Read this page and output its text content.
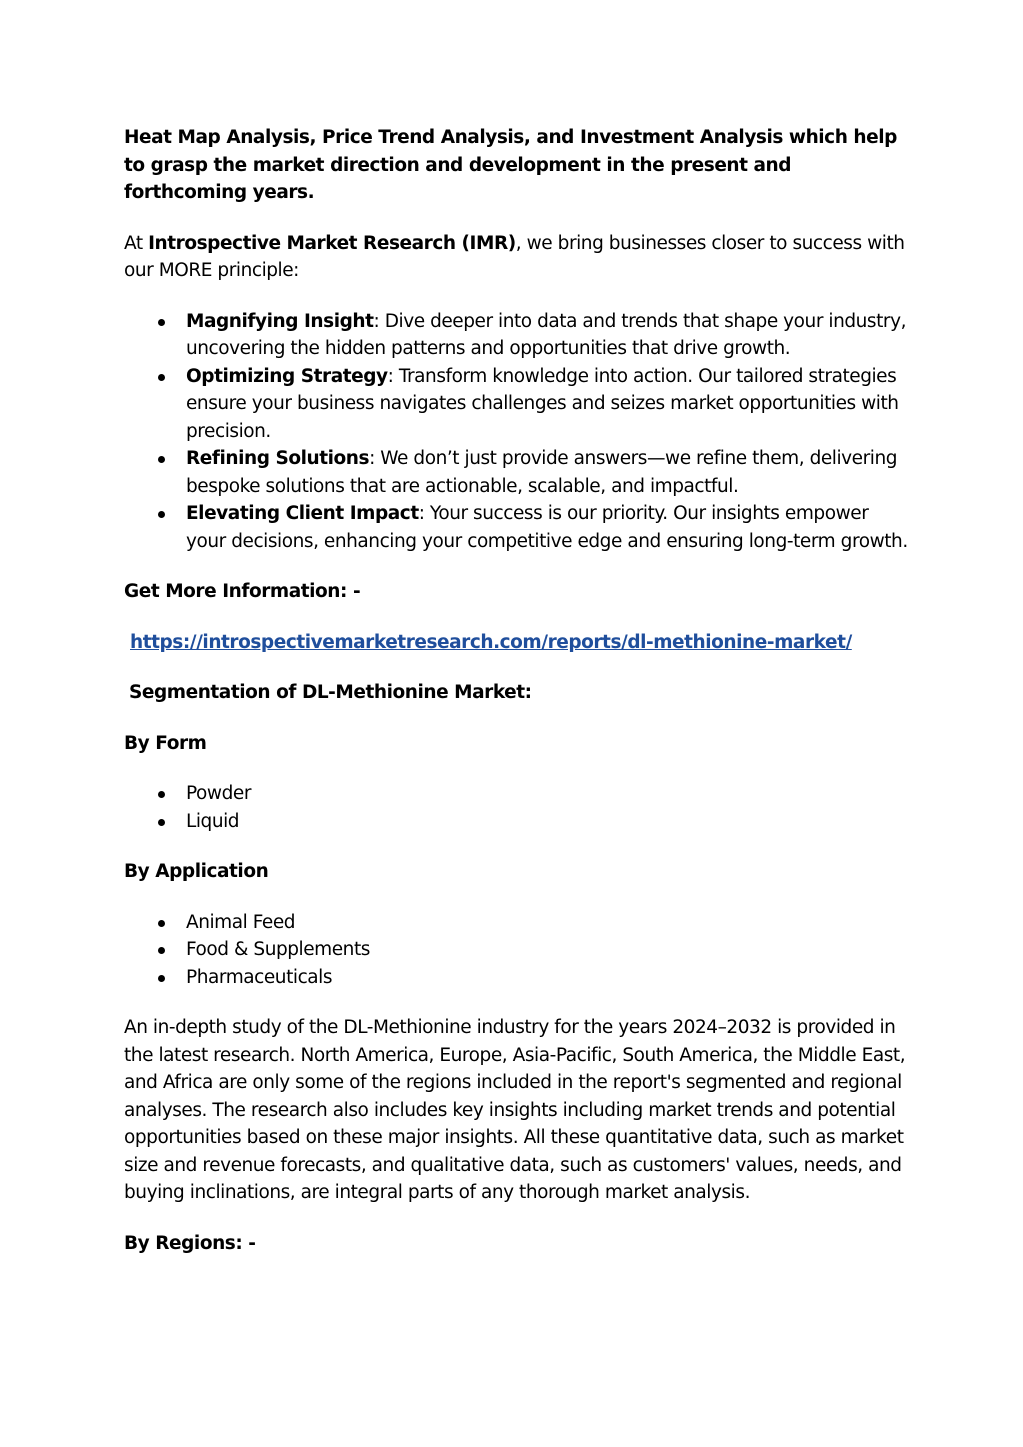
Heat Map Analysis, Price Trend Analysis, and Investment Analysis which help to grasp the market direction and development in the present and forthcoming years.

At Introspective Market Research (IMR), we bring businesses closer to success with our MORE principle:

Magnifying Insight: Dive deeper into data and trends that shape your industry, uncovering the hidden patterns and opportunities that drive growth.
Optimizing Strategy: Transform knowledge into action. Our tailored strategies ensure your business navigates challenges and seizes market opportunities with precision.
Refining Solutions: We don’t just provide answers—we refine them, delivering bespoke solutions that are actionable, scalable, and impactful.
Elevating Client Impact: Your success is our priority. Our insights empower your decisions, enhancing your competitive edge and ensuring long-term growth.

Get More Information: -

https://introspectivemarketresearch.com/reports/dl-methionine-market/

Segmentation of DL-Methionine Market:

By Form

Powder
Liquid

By Application

Animal Feed
Food & Supplements
Pharmaceuticals

An in-depth study of the DL-Methionine industry for the years 2024–2032 is provided in the latest research. North America, Europe, Asia-Pacific, South America, the Middle East, and Africa are only some of the regions included in the report's segmented and regional analyses. The research also includes key insights including market trends and potential opportunities based on these major insights. All these quantitative data, such as market size and revenue forecasts, and qualitative data, such as customers' values, needs, and buying inclinations, are integral parts of any thorough market analysis.

By Regions: -
